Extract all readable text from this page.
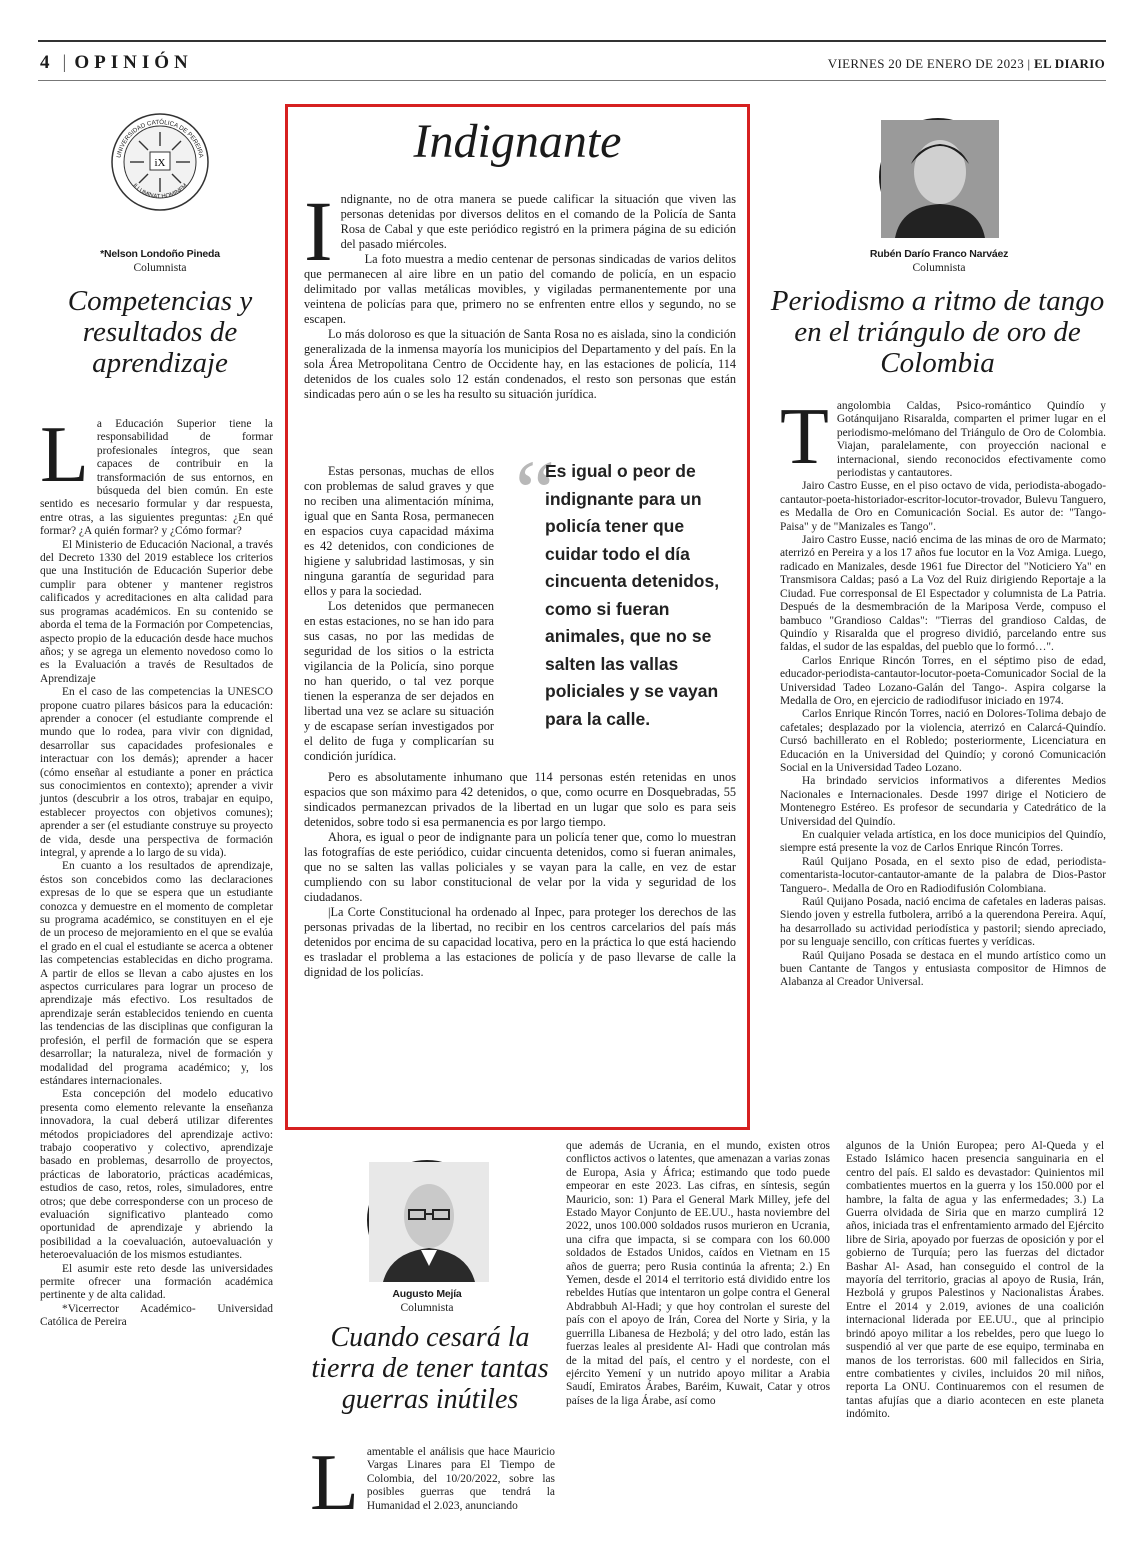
4 | OPINIÓN	VIERNES 20 DE ENERO DE 2023 | EL DIARIO
iX
UNIVERSIDAD CATÓLICA DE PEREIRA
ILLUMINAT HOMINEM
*Nelson Londoño Pineda
Columnista
Competencias y resultados de aprendizaje

La Educación Superior tiene la responsabilidad de formar profesionales íntegros, que sean capaces de contribuir en la transformación de sus entornos, en búsqueda del bien común. En este sentido es necesario formular y dar respuesta, entre otras, a las siguientes preguntas: ¿En qué formar? ¿A quién formar? y ¿Cómo formar?

El Ministerio de Educación Nacional, a través del Decreto 1330 del 2019 establece los criterios que una Institución de Educación Superior debe cumplir para obtener y mantener registros calificados y acreditaciones en alta calidad para sus programas académicos. En su contenido se aborda el tema de la Formación por Competencias, aspecto propio de la educación desde hace muchos años; y se agrega un elemento novedoso como lo es la Evaluación a través de Resultados de Aprendizaje

En el caso de las competencias la UNESCO propone cuatro pilares básicos para la educación: aprender a conocer (el estudiante comprende el mundo que lo rodea, para vivir con dignidad, desarrollar sus capacidades profesionales e interactuar con los demás); aprender a hacer (cómo enseñar al estudiante a poner en práctica sus conocimientos en contexto); aprender a vivir juntos (descubrir a los otros, trabajar en equipo, establecer proyectos con objetivos comunes); aprender a ser (el estudiante construye su proyecto de vida, desde una perspectiva de formación integral, y aprende a lo largo de su vida).

En cuanto a los resultados de aprendizaje, éstos son concebidos como las declaraciones expresas de lo que se espera que un estudiante conozca y demuestre en el momento de completar su programa académico, se constituyen en el eje de un proceso de mejoramiento en el que se evalúa el grado en el cual el estudiante se acerca a obtener las competencias establecidas en dicho programa. A partir de ellos se llevan a cabo ajustes en los aspectos curriculares para lograr un proceso de aprendizaje más efectivo. Los resultados de aprendizaje serán establecidos teniendo en cuenta las tendencias de las disciplinas que configuran la profesión, el perfil de formación que se espera desarrollar; la naturaleza, nivel de formación y modalidad del programa académico; y, los estándares internacionales.

Esta concepción del modelo educativo presenta como elemento relevante la enseñanza innovadora, la cual deberá utilizar diferentes métodos propiciadores del aprendizaje activo: trabajo cooperativo y colectivo, aprendizaje basado en problemas, desarrollo de proyectos, prácticas de laboratorio, prácticas académicas, estudios de caso, retos, roles, simuladores, entre otros; que debe corresponderse con un proceso de evaluación significativo planteado como oportunidad de aprendizaje y abriendo la posibilidad a la coevaluación, autoevaluación y heteroevaluación de los mismos estudiantes.

El asumir este reto desde las universidades permite ofrecer una formación académica pertinente y de alta calidad.

*Vicerrector Académico- Universidad Católica de Pereira

Indignante

Indignante, no de otra manera se puede calificar la situación que viven las personas detenidas por diversos delitos en el comando de la Policía de Santa Rosa de Cabal y que este periódico registró en la primera página de su edición del pasado miércoles.

La foto muestra a medio centenar de personas sindicadas de varios delitos que permanecen al aire libre en un patio del comando de policía, en un espacio delimitado por vallas metálicas movibles, y vigiladas permanentemente por una veintena de policías para que, primero no se enfrenten entre ellos y segundo, no se escapen.

Lo más doloroso es que la situación de Santa Rosa no es aislada, sino la condición generalizada de la inmensa mayoría los municipios del Departamento y del país. En la sola Área Metropolitana Centro de Occidente hay, en las estaciones de policía, 114 detenidos de los cuales solo 12 están condenados, el resto son personas que están sindicadas pero aún o se les ha resulto su situación jurídica.

Estas personas, muchas de ellos con problemas de salud graves y que no reciben una alimentación mínima, igual que en Santa Rosa, permanecen en espacios cuya capacidad máxima es 42 detenidos, con condiciones de higiene y salubridad lastimosas, y sin ninguna garantía de seguridad para ellos y para la sociedad.

Los detenidos que permanecen en estas estaciones, no se han ido para sus casas, no por las medidas de seguridad de los sitios o la estricta vigilancia de la Policía, sino porque no han querido, o tal vez porque tienen la esperanza de ser dejados en libertad una vez se aclare su situación y de escapase serían investigados por el delito de fuga y complicarían su condición jurídica.

“
Es igual o peor de indignante para un policía tener que cuidar todo el día cincuenta detenidos, como si fueran animales, que no se salten las vallas policiales y se vayan para la calle.

Pero es absolutamente inhumano que 114 personas estén retenidas en unos espacios que son máximo para 42 detenidos, o que, como ocurre en Dosquebradas, 55 sindicados permanezcan privados de la libertad en un lugar que solo es para seis detenidos, sobre todo si esa permanencia es por largo tiempo.

Ahora, es igual o peor de indignante para un policía tener que, como lo muestran las fotografías de este periódico, cuidar cincuenta detenidos, como si fueran animales, que no se salten las vallas policiales y se vayan para la calle, en vez de estar cumpliendo con su labor constitucional de velar por la vida y seguridad de los ciudadanos.

|La Corte Constitucional ha ordenado al Inpec, para proteger los derechos de las personas privadas de la libertad, no recibir en los centros carcelarios del país más detenidos por encima de su capacidad locativa, pero en la práctica lo que está haciendo es trasladar el problema a las estaciones de policía y de paso llevarse de calle la dignidad de los policías.

Rubén Darío Franco Narváez
Columnista
Periodismo a ritmo de tango en el triángulo de oro de Colombia

Tangolombia Caldas, Psico-romántico Quindío y Gotánquijano Risaralda, comparten el primer lugar en el periodismo-melómano del Triángulo de Oro de Colombia. Viajan, paralelamente, con proyección nacional e internacional, siendo reconocidos efectivamente como periodistas y cantautores.

Jairo Castro Eusse, en el piso octavo de vida, periodista-abogado-cantautor-poeta-historiador-escritor-locutor-trovador, Bulevu Tanguero, es Medalla de Oro en Comunicación Social. Es autor de: "Tango-Paisa" y de "Manizales es Tango".

Jairo Castro Eusse, nació encima de las minas de oro de Marmato; aterrizó en Pereira y a los 17 años fue locutor en la Voz Amiga. Luego, radicado en Manizales, desde 1961 fue Director del "Noticiero Ya" en Transmisora Caldas; pasó a La Voz del Ruiz dirigiendo Reportaje a la Ciudad. Fue corresponsal de El Espectador y columnista de La Patria. Después de la desmembración de la Mariposa Verde, compuso el bambuco "Grandioso Caldas": "Tierras del grandioso Caldas, de Quindío y Risaralda que el progreso dividió, parcelando entre sus faldas, el sudor de las espaldas, del pueblo que lo formó…".

Carlos Enrique Rincón Torres, en el séptimo piso de edad, educador-periodista-cantautor-locutor-poeta-Comunicador Social de la Universidad Tadeo Lozano-Galán del Tango-. Aspira colgarse la Medalla de Oro, en ejercicio de radiodifusor iniciado en 1974.

Carlos Enrique Rincón Torres, nació en Dolores-Tolima debajo de cafetales; desplazado por la violencia, aterrizó en Calarcá-Quindío. Cursó bachillerato en el Robledo; posteriormente, Licenciatura en Educación en la Universidad del Quindío; y coronó Comunicación Social en la Universidad Tadeo Lozano.

Ha brindado servicios informativos a diferentes Medios Nacionales e Internacionales. Desde 1997 dirige el Noticiero de Montenegro Estéreo. Es profesor de secundaria y Catedrático de la Universidad del Quindío.

En cualquier velada artística, en los doce municipios del Quindío, siempre está presente la voz de Carlos Enrique Rincón Torres.

Raúl Quijano Posada, en el sexto piso de edad, periodista-comentarista-locutor-cantautor-amante de la palabra de Dios-Pastor Tanguero-. Medalla de Oro en Radiodifusión Colombiana.

Raúl Quijano Posada, nació encima de cafetales en laderas paisas. Siendo joven y estrella futbolera, arribó a la querendona Pereira. Aquí, ha desarrollado su actividad periodística y pastoril; siendo apreciado, por su lenguaje sencillo, con críticas fuertes y verídicas.

Raúl Quijano Posada se destaca en el mundo artístico como un buen Cantante de Tangos y entusiasta compositor de Himnos de Alabanza al Creador Universal.

Augusto Mejía
Columnista
Cuando cesará la tierra de tener tantas guerras inútiles

Lamentable el análisis que hace Mauricio Vargas Linares para El Tiempo de Colombia, del 10/20/2022, sobre las posibles guerras que tendrá la Humanidad el 2.023, anunciando

que además de Ucrania, en el mundo, existen otros conflictos activos o latentes, que amenazan a varias zonas de Europa, Asia y África; estimando que todo puede empeorar en este 2023. Las cifras, en síntesis, según Mauricio, son: 1) Para el General Mark Milley, jefe del Estado Mayor Conjunto de EE.UU., hasta noviembre del 2022, unos 100.000 soldados rusos murieron en Ucrania, una cifra que impacta, si se compara con los 60.000 soldados de Estados Unidos, caídos en Vietnam en 15 años de guerra; pero Rusia continúa la afrenta; 2.) En Yemen, desde el 2014 el territorio está dividido entre los rebeldes Hutías que intentaron un golpe contra el General Abdrabbuh Al-Hadi; y que hoy controlan el sureste del país con el apoyo de Irán, Corea del Norte y Siria, y la guerrilla Libanesa de Hezbolá; y del otro lado, están las fuerzas leales al presidente Al- Hadi que controlan más de la mitad del país, el centro y el nordeste, con el ejército Yemení y un nutrido apoyo militar a Arabia Saudí, Emiratos Árabes, Baréim, Kuwait, Catar y otros países de la liga Árabe, así como

algunos de la Unión Europea; pero Al-Queda y el Estado Islámico hacen presencia sanguinaria en el centro del país. El saldo es devastador: Quinientos mil combatientes muertos en la guerra y los 150.000 por el hambre, la falta de agua y las enfermedades; 3.) La Guerra olvidada de Siria que en marzo cumplirá 12 años, iniciada tras el enfrentamiento armado del Ejército libre de Siria, apoyado por fuerzas de oposición y por el gobierno de Turquía; pero las fuerzas del dictador Bashar Al- Asad, han conseguido el control de la mayoría del territorio, gracias al apoyo de Rusia, Irán, Hezbolá y grupos Palestinos y Nacionalistas Árabes. Entre el 2014 y 2.019, aviones de una coalición internacional liderada por EE.UU., que al principio brindó apoyo militar a los rebeldes, pero que luego lo suspendió al ver que parte de ese equipo, terminaba en manos de los terroristas. 600 mil fallecidos en Siria, entre combatientes y civiles, incluidos 20 mil niños, reporta La ONU. Continuaremos con el resumen de tantas afujías que a diario acontecen en este planeta indómito.
